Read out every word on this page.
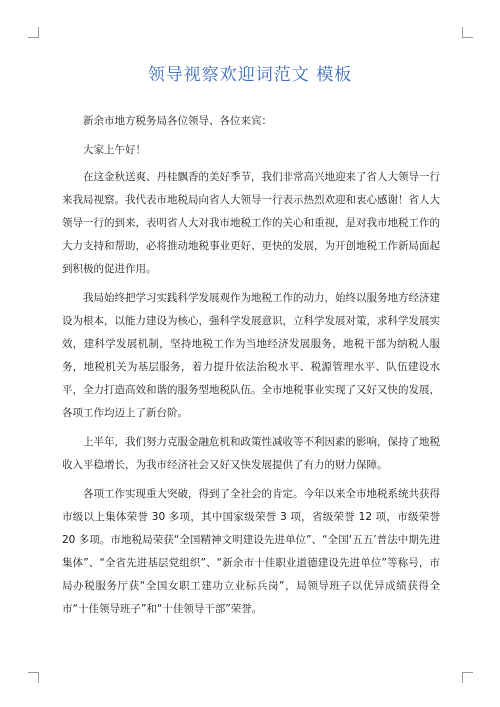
领导视察欢迎词范文 模板

新余市地方税务局各位领导、各位来宾：

大家上午好！

在这金秋送爽、丹桂飘香的美好季节，我们非常高兴地迎来了省人大领导一行来我局视察。我代表市地税局向省人大领导一行表示热烈欢迎和衷心感谢！省人大领导一行的到来，表明省人大对我市地税工作的关心和重视，是对我市地税工作的大力支持和帮助，必将推动地税事业更好、更快的发展，为开创地税工作新局面起到积极的促进作用。

我局始终把学习实践科学发展观作为地税工作的动力，始终以服务地方经济建设为根本，以能力建设为核心，强科学发展意识，立科学发展对策，求科学发展实效，建科学发展机制，坚持地税工作为当地经济发展服务，地税干部为纳税人服务，地税机关为基层服务，着力提升依法治税水平、税源管理水平、队伍建设水平，全力打造高效和谐的服务型地税队伍。全市地税事业实现了又好又快的发展，各项工作均迈上了新台阶。

上半年，我们努力克服金融危机和政策性减收等不利因素的影响，保持了地税收入平稳增长，为我市经济社会又好又快发展提供了有力的财力保障。

各项工作实现重大突破，得到了全社会的肯定。今年以来全市地税系统共获得市级以上集体荣誉 30 多项，其中国家级荣誉 3 项，省级荣誉 12 项，市级荣誉 20 多项。市地税局荣获“全国精神文明建设先进单位”、“全国‘五五’普法中期先进集体”、“全省先进基层党组织”、“新余市十佳职业道德建设先进单位”等称号，市局办税服务厅获“全国女职工建功立业标兵岗”，局领导班子以优异成绩获得全市“十佳领导班子”和“十佳领导干部”荣誉。
